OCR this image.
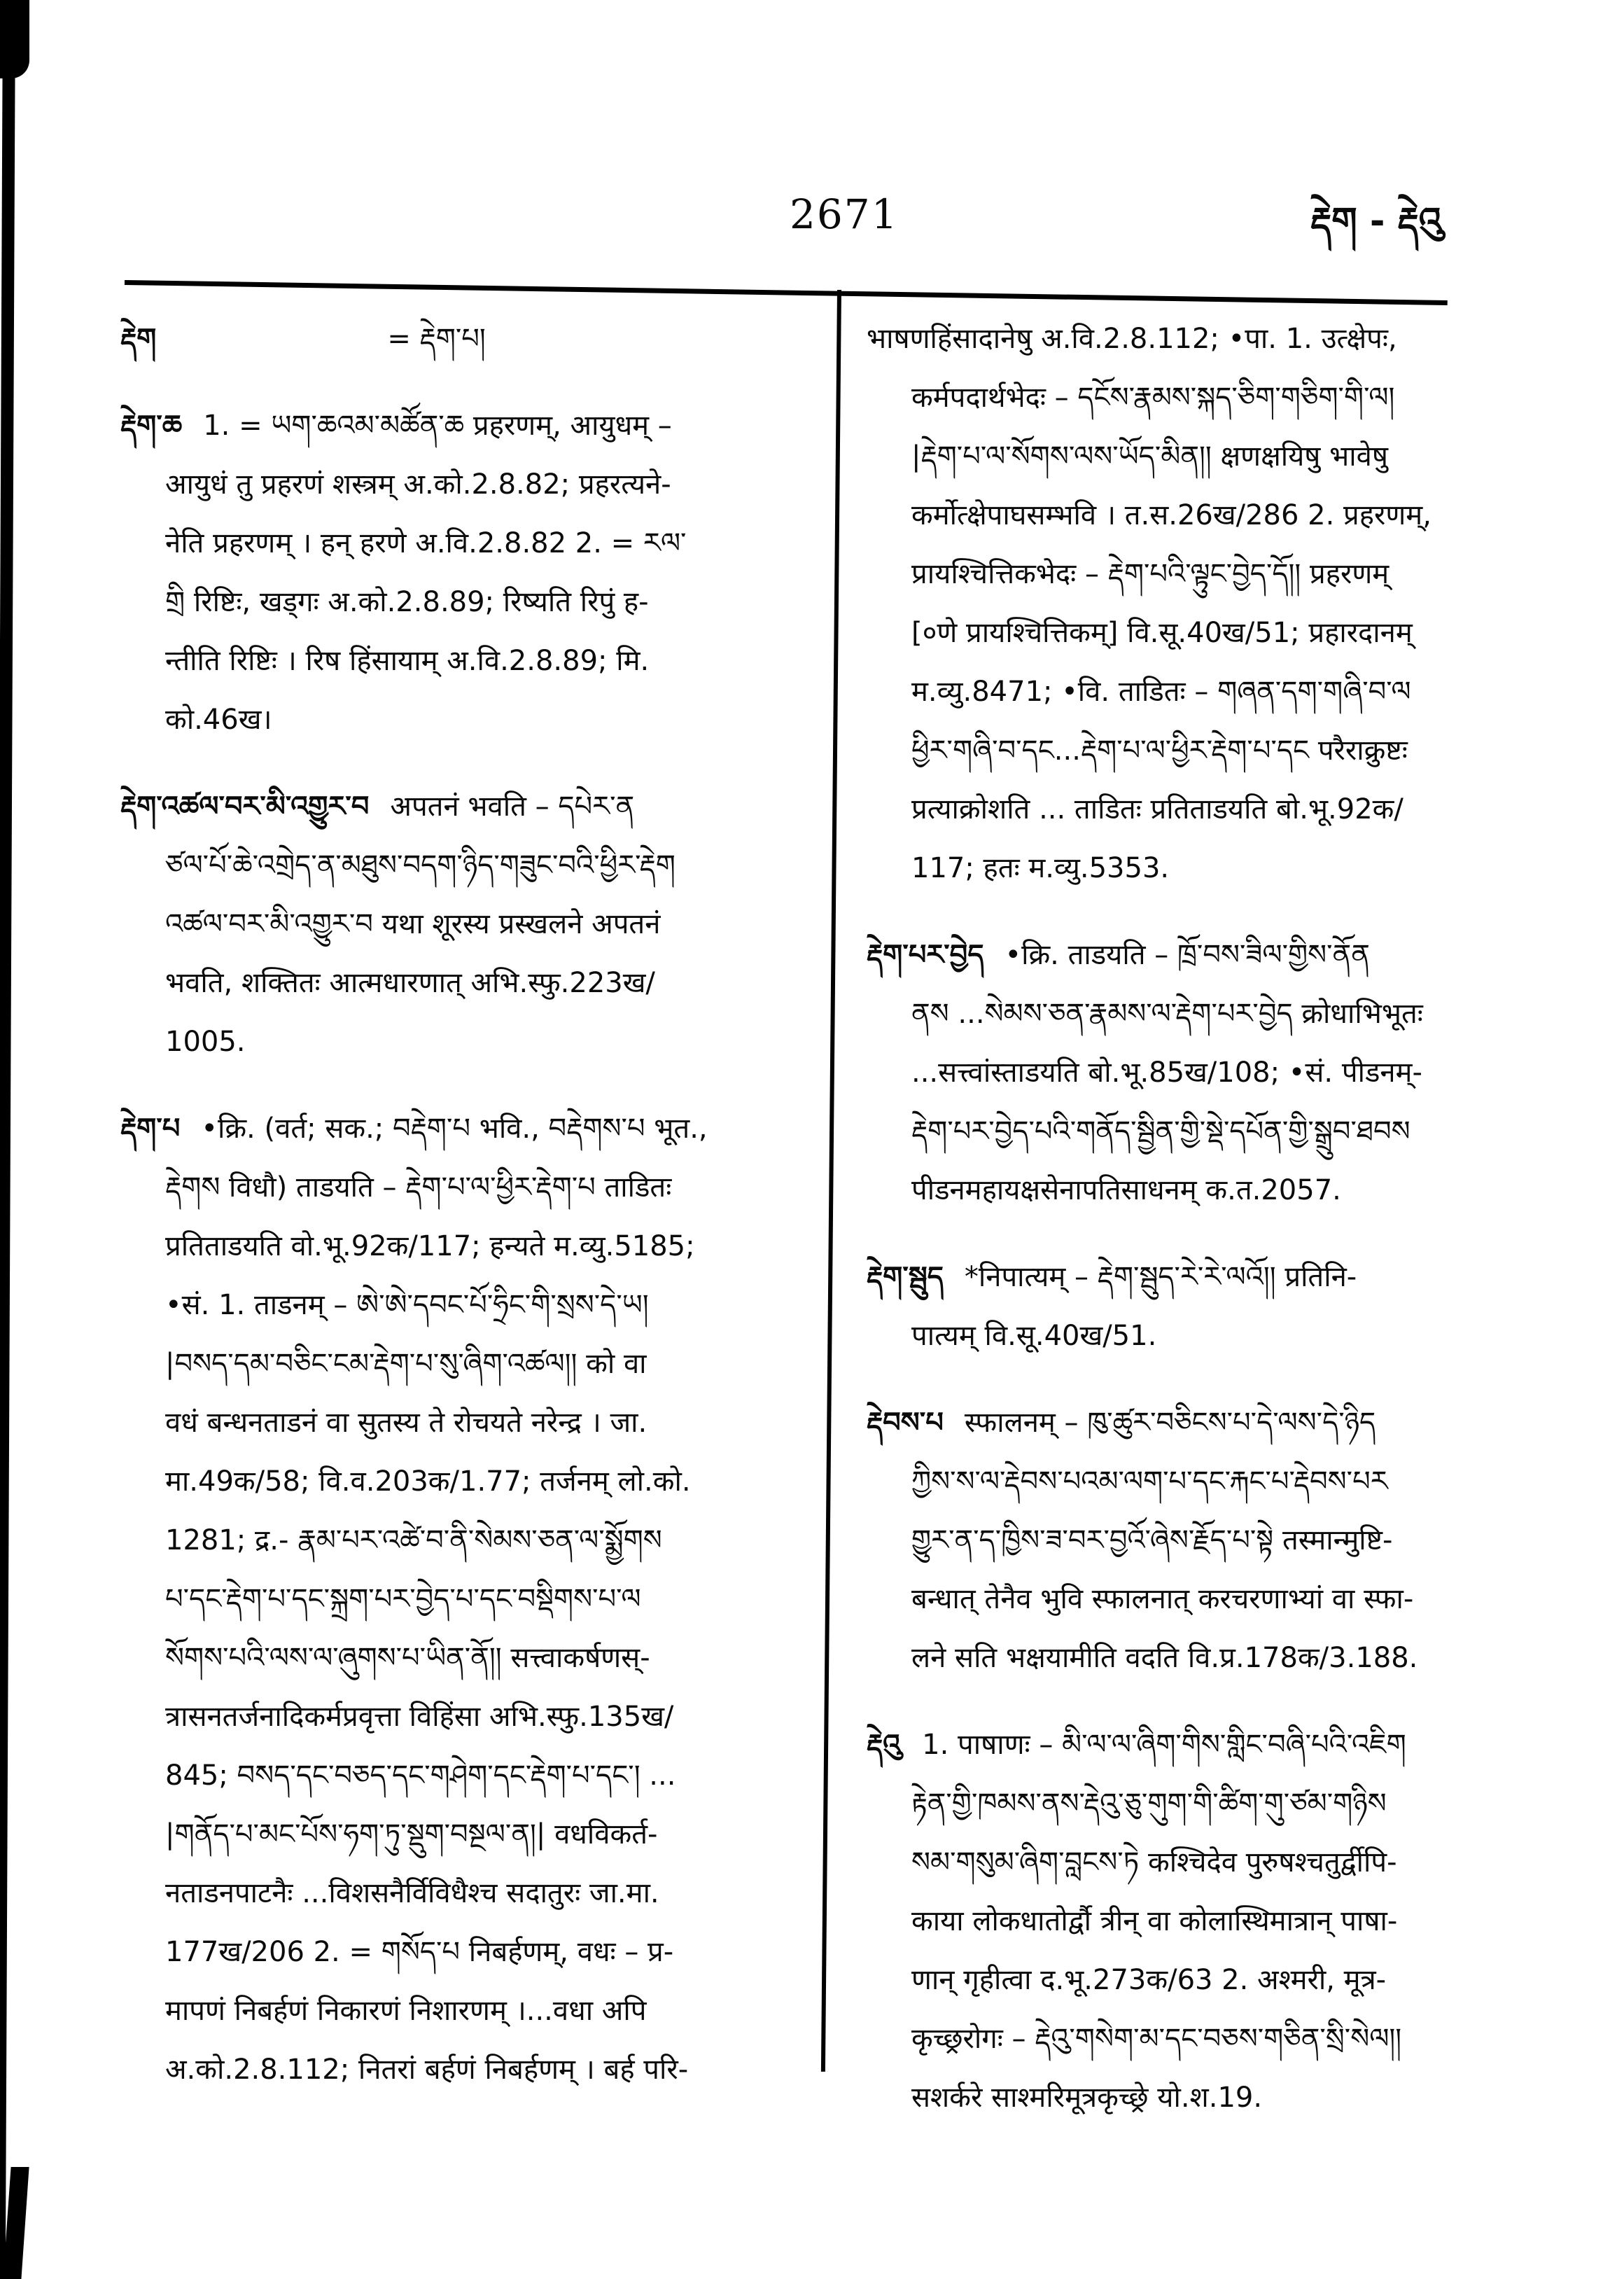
2671	རྡེག - རྡེའུ
རྡེག	= རྡེག་པ།
རྡེག་ཆ 1. = ཡག་ཆའམ་མཚོན་ཆ प्रहरणम्, आयुधम् –
आयुधं तु प्रहरणं शस्त्रम् अ.को.2.8.82; प्रहरत्यने-
नेति प्रहरणम् । हन् हरणे अ.वि.2.8.82 2. = རལ་
གྲི रिष्टिः, खड्गः अ.को.2.8.89; रिष्यति रिपुं ह-
न्तीति रिष्टिः । रिष हिंसायाम् अ.वि.2.8.89; मि.
को.46ख।
རྡེག་འཚལ་བར་མི་འགྱུར་བ अपतनं भवति – དཔེར་ན
ཙལ་པོ་ཆེ་འགྲེད་ན་མཐུས་བདག་ཉིད་གཟུང་བའི་ཕྱིར་རྡེག
འཚལ་བར་མི་འགྱུར་བ यथा शूरस्य प्रस्खलने अपतनं
भवति, शक्तितः आत्मधारणात् अभि.स्फु.223ख/
1005.
རྡེག་པ •क्रि. (वर्त; सक.; བརྡེག་པ भवि., བརྡེགས་པ भूत.,
རྡེགས विधौ) ताडयति – རྡེག་པ་ལ་ཕྱིར་རྡེག་པ ताडितः
प्रतिताडयति वो.भू.92क/117; हन्यते म.व्यु.5185;
•सं. 1. ताडनम् – ཨེ་ཨེ་དབང་པོ་ཧྲིང་གི་སྲས་དེ་ཡ།
|བསད་དམ་བཅིང་ངམ་རྡེག་པ་སུ་ཞིག་འཚལ།། को वा
वधं बन्धनताडनं वा सुतस्य ते रोचयते नरेन्द्र । जा.
मा.49क/58; वि.व.203क/1.77; तर्जनम् लो.को.
1281; द्र.- རྣམ་པར་འཚེ་བ་ནི་སེམས་ཅན་ལ་སྨྱོགས
པ་དང་རྡེག་པ་དང་སྐྲག་པར་བྱེད་པ་དང་བསྡིགས་པ་ལ
སོགས་པའི་ལས་ལ་ཞུགས་པ་ཡིན་ནོ།། सत्त्वाकर्षणस्-
त्रासनतर्जनादिकर्मप्रवृत्ता विहिंसा अभि.स्फु.135ख/
845; བསད་དང་བཅད་དང་གཤེག་དང་རྡེག་པ་དང་། ...
|གནོད་པ་མང་པོས་ཧག་ཏུ་སྡུག་བསྔལ་ན།| वधविकर्त-
नताडनपाटनैः ...विशसनैर्विविधैश्च सदातुरः जा.मा.
177ख/206 2. = གསོད་པ निबर्हणम्, वधः – प्र-
मापणं निबर्हणं निकारणं निशारणम् ।...वधा अपि
अ.को.2.8.112; नितरां बर्हणं निबर्हणम् । बर्ह परि-
भाषणहिंसादानेषु अ.वि.2.8.112; •पा. 1. उत्क्षेपः,
कर्मपदार्थभेदः – དངོས་རྣམས་སྐད་ཅིག་གཅིག་གི་ལ།
|རྡེག་པ་ལ་སོགས་ལས་ཡོད་མིན།། क्षणक्षयिषु भावेषु
कर्मोत्क्षेपाघसम्भवि । त.स.26ख/286 2. प्रहरणम्,
प्रायश्चित्तिकभेदः – རྡེག་པའི་ལྟུང་བྱེད་དོ།། प्रहरणम्
[०णे प्रायश्चित्तिकम्] वि.सू.40ख/51; प्रहारदानम्
म.व्यु.8471; •वि. ताडितः – གཞན་དག་གཞི་བ་ལ
ཕྱིར་གཞི་བ་དང...རྡེག་པ་ལ་ཕྱིར་རྡེག་པ་དང परैराक्रुष्टः
प्रत्याक्रोशति ... ताडितः प्रतिताडयति बो.भू.92क/
117; हतः म.व्यु.5353.
རྡེག་པར་བྱེད •क्रि. ताडयति – ཁྲོ་བས་ཟིལ་གྱིས་ནོན
ནས ...སེམས་ཅན་རྣམས་ལ་རྡེག་པར་བྱེད क्रोधाभिभूतः
...सत्त्वांस्ताडयति बो.भू.85ख/108; •सं. पीडनम्-
རྡེག་པར་བྱེད་པའི་གནོད་སྦྱིན་གྱི་སྡེ་དཔོན་གྱི་སྒྲུབ་ཐབས
पीडनमहायक्षसेनापतिसाधनम् क.त.2057.
རྡེག་སྦུད *निपात्यम् – རྡེག་སྦུད་རེ་རེ་ལའོ།། प्रतिनि-
पात्यम् वि.सू.40ख/51.
རྡེབས་པ स्फालनम् – ཁུ་ཚུར་བཅིངས་པ་དེ་ལས་དེ་ཉིད
ཀྱིས་ས་ལ་རྡེབས་པའམ་ལག་པ་དང་རྐང་པ་རྡེབས་པར
གྱུར་ན་ད་ཁྱིས་ཟ་བར་བྱའོ་ཞེས་རྗོད་པ་སྟེ तस्मान्मुष्टि-
बन्धात् तेनैव भुवि स्फालनात् करचरणाभ्यां वा स्फा-
लने सति भक्षयामीति वदति वि.प्र.178क/3.188.
རྡེའུ 1. पाषाणः – མི་ལ་ལ་ཞིག་གིས་གླིང་བཞི་པའི་འཇིག
རྟེན་གྱི་ཁམས་ནས་རྡེའུ་ཅུ་གུག་གི་ཚིག་གུ་ཙམ་གཉིས
སམ་གསུམ་ཞིག་བླངས་ཏེ कश्चिदेव पुरुषश्चतुर्द्वीपि-
काया लोकधातोर्द्वौ त्रीन् वा कोलास्थिमात्रान् पाषा-
णान् गृहीत्वा द.भू.273क/63 2. अश्मरी, मूत्र-
कृच्छ्ररोगः – རྡེའུ་གསེག་མ་དང་བཅས་གཅིན་སྲི་སེལ།།
सशर्करे साश्मरिमूत्रकृच्छ्रे यो.श.19.
